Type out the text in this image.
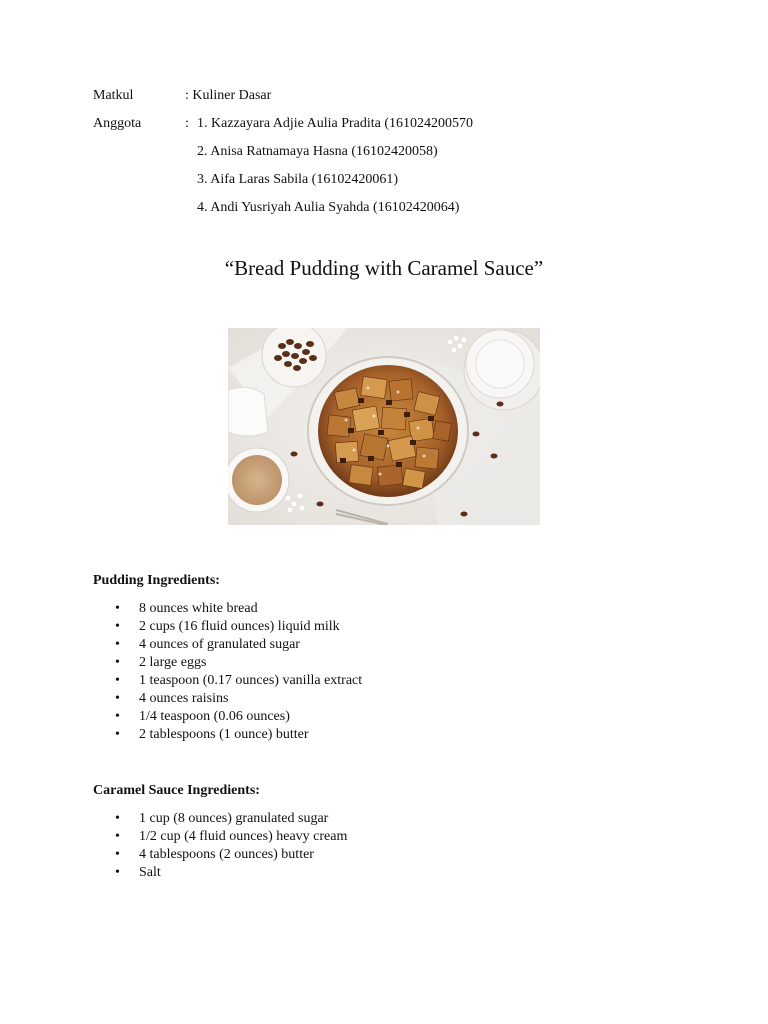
Matkul	: Kuliner Dasar
Anggota	: 1. Kazzayara Adjie Aulia Pradita (161024200570
2. Anisa Ratnamaya Hasna (16102420058)
3. Aifa Laras Sabila (16102420061)
4. Andi Yusriyah Aulia Syahda (16102420064)
“Bread Pudding with Caramel Sauce”
Pudding Ingredients:
• 8 ounces white bread
• 2 cups (16 fluid ounces) liquid milk
• 4 ounces of granulated sugar
• 2 large eggs
• 1 teaspoon (0.17 ounces) vanilla extract
• 4 ounces raisins
• 1/4 teaspoon (0.06 ounces)
• 2 tablespoons (1 ounce) butter
Caramel Sauce Ingredients:
• 1 cup (8 ounces) granulated sugar
• 1/2 cup (4 fluid ounces) heavy cream
• 4 tablespoons (2 ounces) butter
• Salt
